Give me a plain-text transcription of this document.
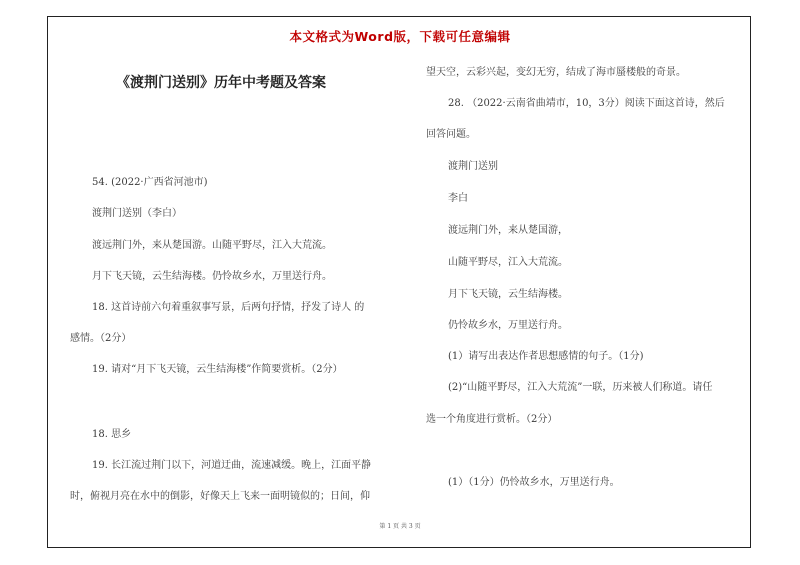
本文格式为Word版，下载可任意编辑
《渡荆门送别》历年中考题及答案
54. (2022·广西省河池市)
渡荆门送别（李白）
渡远荆门外，来从楚国游。山随平野尽，江入大荒流。
月下飞天镜，云生结海楼。仍怜故乡水，万里送行舟。
18. 这首诗前六句着重叙事写景，后两句抒情，抒发了诗人 的
感情。（2分）
19. 请对“月下飞天镜，云生结海楼”作简要赏析。（2分）
18. 思乡
19. 长江流过荆门以下，河道迂曲，流速减缓。晚上，江面平静
时，俯视月亮在水中的倒影，好像天上飞来一面明镜似的；日间，仰
望天空，云彩兴起，变幻无穷，结成了海市蜃楼般的奇景。
28. （2022·云南省曲靖市，10，3分）阅读下面这首诗，然后
回答问题。
渡荆门送别
李白
渡远荆门外，来从楚国游，
山随平野尽，江入大荒流。
月下飞天镜，云生结海楼。
仍怜故乡水，万里送行舟。
(1）请写出表达作者思想感情的句子。（1分)
(2)“山随平野尽，江入大荒流”一联，历来被人们称道。请任
选一个角度进行赏析。（2分）
(1）（1分）仍怜故乡水，万里送行舟。
第 1 页 共 3 页
